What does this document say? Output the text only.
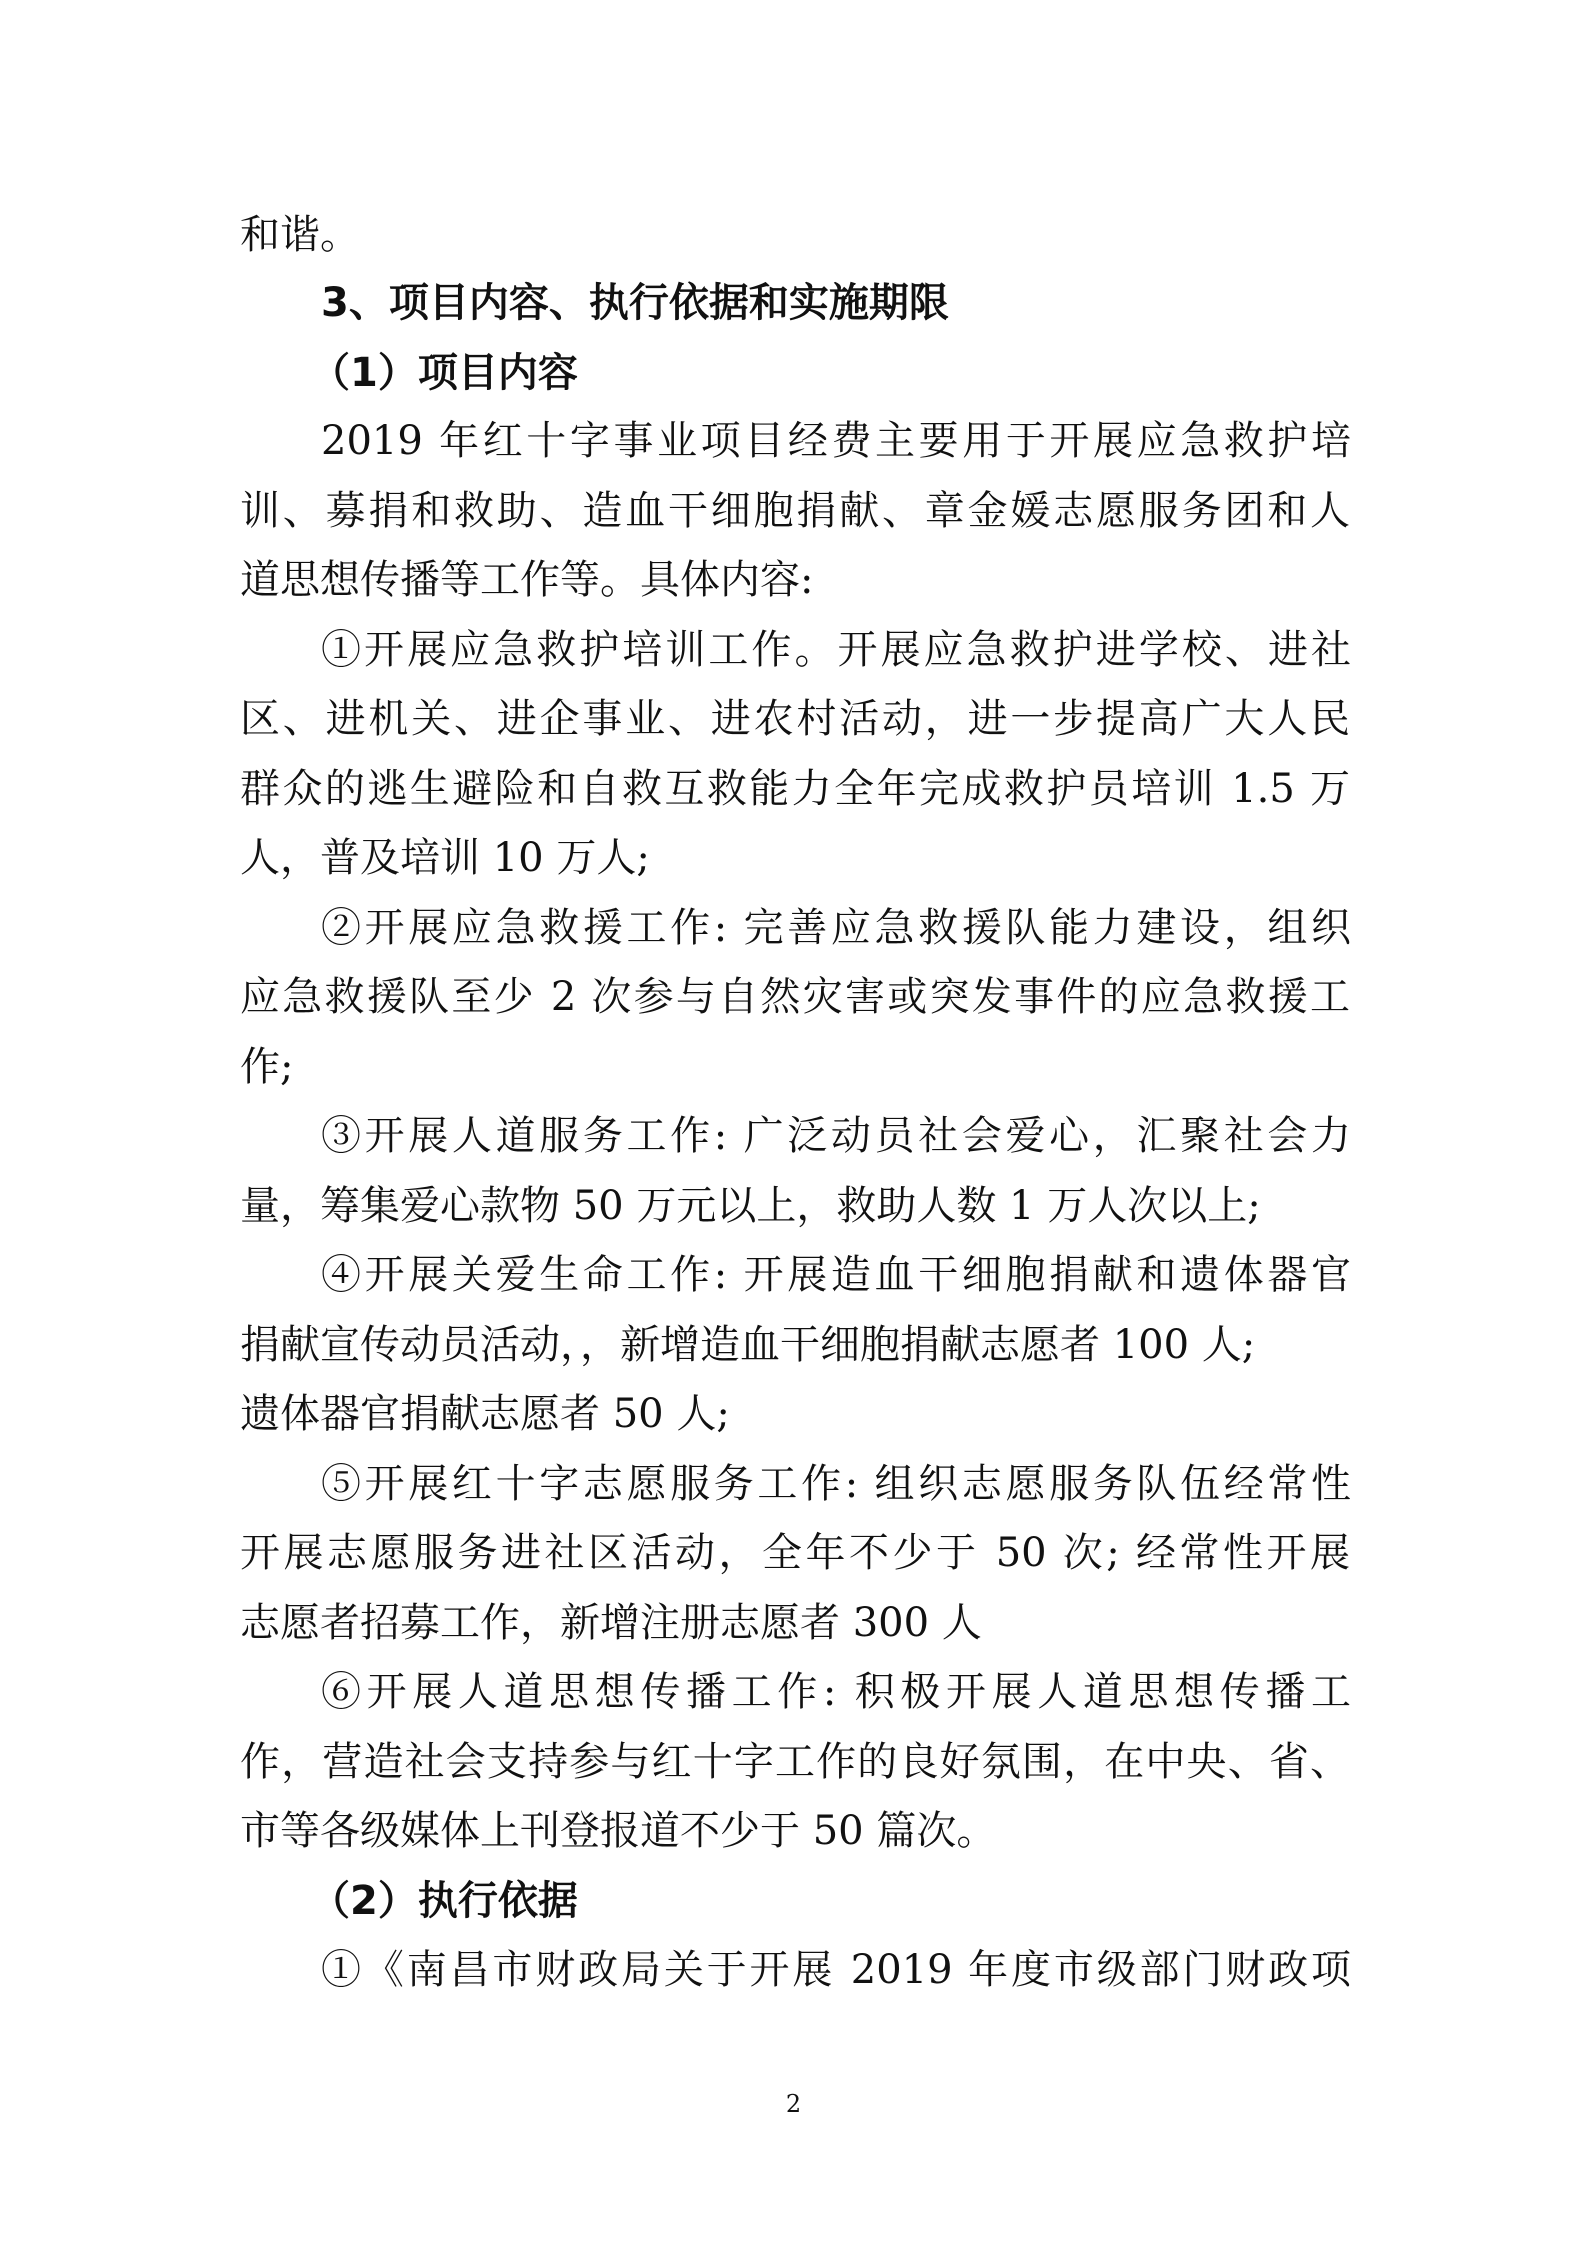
和谐。
3、项目内容、执行依据和实施期限
（1）项目内容
2019 年红十字事业项目经费主要用于开展应急救护培
训、募捐和救助、造血干细胞捐献、章金媛志愿服务团和人
道思想传播等工作等。具体内容:
①开展应急救护培训工作。开展应急救护进学校、进社
区、进机关、进企事业、进农村活动，进一步提高广大人民
群众的逃生避险和自救互救能力全年完成救护员培训 1.5 万
人，普及培训 10 万人;
②开展应急救援工作: 完善应急救援队能力建设，组织
应急救援队至少 2 次参与自然灾害或突发事件的应急救援工
作;
③开展人道服务工作: 广泛动员社会爱心，汇聚社会力
量，筹集爱心款物 50 万元以上，救助人数 1 万人次以上;
④开展关爱生命工作: 开展造血干细胞捐献和遗体器官
捐献宣传动员活动，，新增造血干细胞捐献志愿者 100 人;
遗体器官捐献志愿者 50 人;
⑤开展红十字志愿服务工作: 组织志愿服务队伍经常性
开展志愿服务进社区活动，全年不少于 50 次; 经常性开展
志愿者招募工作，新增注册志愿者 300 人
⑥开展人道思想传播工作: 积极开展人道思想传播工
作，营造社会支持参与红十字工作的良好氛围，在中央、省、
市等各级媒体上刊登报道不少于 50 篇次。
（2）执行依据
①《南昌市财政局关于开展 2019 年度市级部门财政项
2
